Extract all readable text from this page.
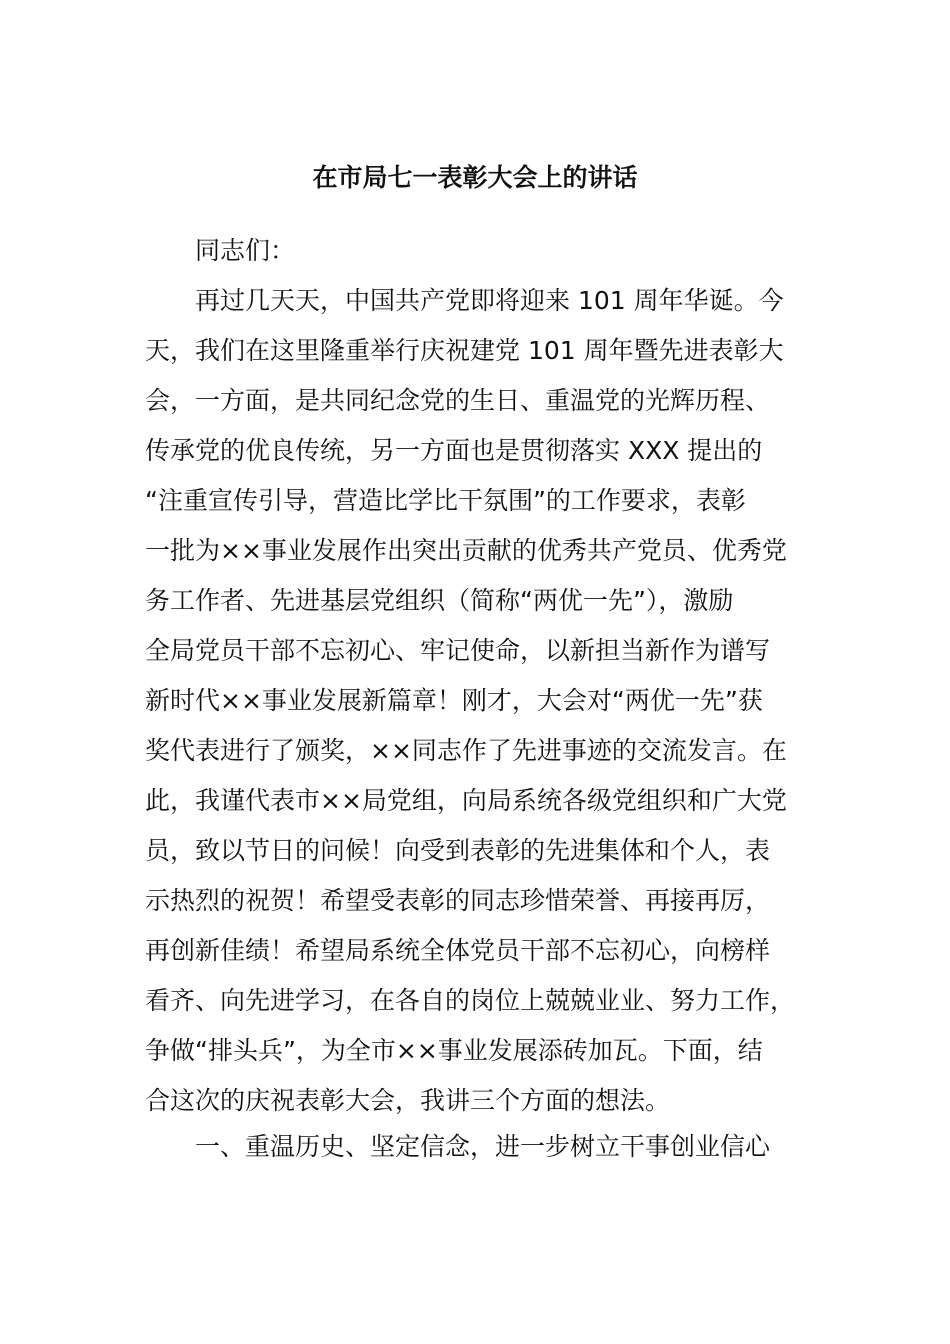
在市局七一表彰大会上的讲话
同志们：
再过几天天，中国共产党即将迎来 101 周年华诞。今
天，我们在这里隆重举行庆祝建党 101 周年暨先进表彰大
会，一方面，是共同纪念党的生日、重温党的光辉历程、
传承党的优良传统，另一方面也是贯彻落实 XXX 提出的
“注重宣传引导，营造比学比干氛围”的工作要求，表彰
一批为××事业发展作出突出贡献的优秀共产党员、优秀党
务工作者、先进基层党组织（简称“两优一先”），激励
全局党员干部不忘初心、牢记使命，以新担当新作为谱写
新时代××事业发展新篇章！刚才，大会对“两优一先”获
奖代表进行了颁奖，××同志作了先进事迹的交流发言。在
此，我谨代表市××局党组，向局系统各级党组织和广大党
员，致以节日的问候！向受到表彰的先进集体和个人，表
示热烈的祝贺！希望受表彰的同志珍惜荣誉、再接再厉，
再创新佳绩！希望局系统全体党员干部不忘初心，向榜样
看齐、向先进学习，在各自的岗位上兢兢业业、努力工作，
争做“排头兵”，为全市××事业发展添砖加瓦。下面，结
合这次的庆祝表彰大会，我讲三个方面的想法。
一、重温历史、坚定信念，进一步树立干事创业信心
